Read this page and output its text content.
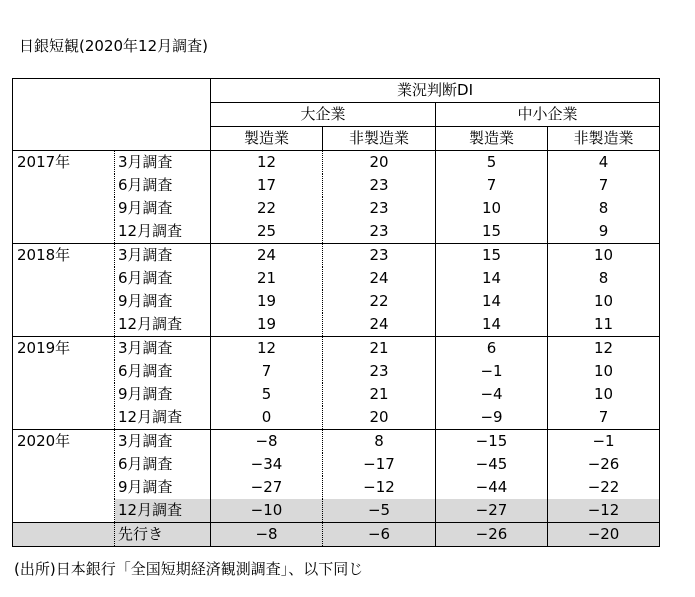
日銀短観(2020年12月調査)
		業況判断DI			
		大企業		中小企業	
		製造業	非製造業	製造業	非製造業
2017年	3月調査	12	20	5	4
	6月調査	17	23	7	7
	9月調査	22	23	10	8
	12月調査	25	23	15	9
2018年	3月調査	24	23	15	10
	6月調査	21	24	14	8
	9月調査	19	22	14	10
	12月調査	19	24	14	11
2019年	3月調査	12	21	6	12
	6月調査	7	23	−1	10
	9月調査	5	21	−4	10
	12月調査	0	20	−9	7
2020年	3月調査	−8	8	−15	−1
	6月調査	−34	−17	−45	−26
	9月調査	−27	−12	−44	−22
	12月調査	−10	−5	−27	−12
	先行き	−8	−6	−26	−20
(出所)日本銀行「全国短期経済観測調査」、以下同じ
